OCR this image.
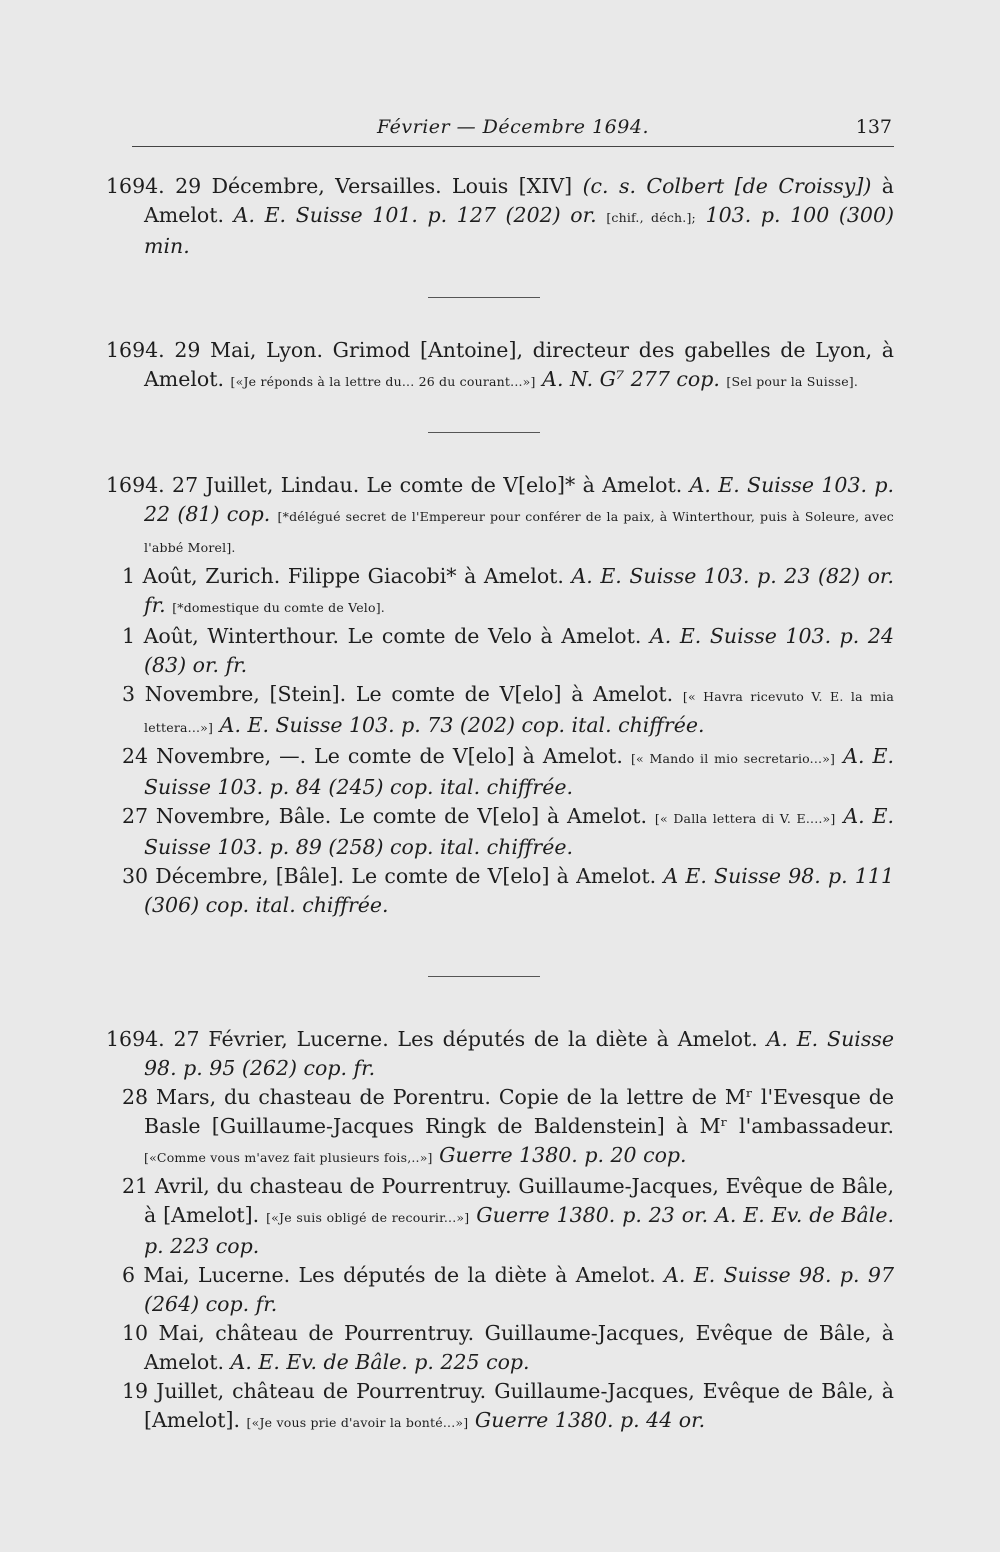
Février — Décembre 1694.	137

1694. 29 Décembre, Versailles. Louis [XIV] (c. s. Colbert [de Croissy]) à Amelot. A. E. Suisse 101. p. 127 (202) or. [chif., déch.]; 103. p. 100 (300) min.

1694. 29 Mai, Lyon. Grimod [Antoine], directeur des gabelles de Lyon, à Amelot. [«Je réponds à la lettre du... 26 du courant...»] A. N. G⁷ 277 cop. [Sel pour la Suisse].

1694. 27 Juillet, Lindau. Le comte de V[elo]* à Amelot. A. E. Suisse 103. p. 22 (81) cop. [*délégué secret de l'Empereur pour conférer de la paix, à Winterthour, puis à Soleure, avec l'abbé Morel].

1 Août, Zurich. Filippe Giacobi* à Amelot. A. E. Suisse 103. p. 23 (82) or. fr. [*domestique du comte de Velo].

1 Août, Winterthour. Le comte de Velo à Amelot. A. E. Suisse 103. p. 24 (83) or. fr.

3 Novembre, [Stein]. Le comte de V[elo] à Amelot. [« Havra ricevuto V. E. la mia lettera...»] A. E. Suisse 103. p. 73 (202) cop. ital. chiffrée.

24 Novembre, —. Le comte de V[elo] à Amelot. [« Mando il mio secretario...»] A. E. Suisse 103. p. 84 (245) cop. ital. chiffrée.

27 Novembre, Bâle. Le comte de V[elo] à Amelot. [« Dalla lettera di V. E....»] A. E. Suisse 103. p. 89 (258) cop. ital. chiffrée.

30 Décembre, [Bâle]. Le comte de V[elo] à Amelot. A E. Suisse 98. p. 111 (306) cop. ital. chiffrée.

1694. 27 Février, Lucerne. Les députés de la diète à Amelot. A. E. Suisse 98. p. 95 (262) cop. fr.

28 Mars, du chasteau de Porentru. Copie de la lettre de Mʳ l'Evesque de Basle [Guillaume-Jacques Ringk de Baldenstein] à Mʳ l'ambassadeur. [«Comme vous m'avez fait plusieurs fois,..»] Guerre 1380. p. 20 cop.

21 Avril, du chasteau de Pourrentruy. Guillaume-Jacques, Evêque de Bâle, à [Amelot]. [«Je suis obligé de recourir...»] Guerre 1380. p. 23 or. A. E. Ev. de Bâle. p. 223 cop.

6 Mai, Lucerne. Les députés de la diète à Amelot. A. E. Suisse 98. p. 97 (264) cop. fr.

10 Mai, château de Pourrentruy. Guillaume-Jacques, Evêque de Bâle, à Amelot. A. E. Ev. de Bâle. p. 225 cop.

19 Juillet, château de Pourrentruy. Guillaume-Jacques, Evêque de Bâle, à [Amelot]. [«Je vous prie d'avoir la bonté...»] Guerre 1380. p. 44 or.
